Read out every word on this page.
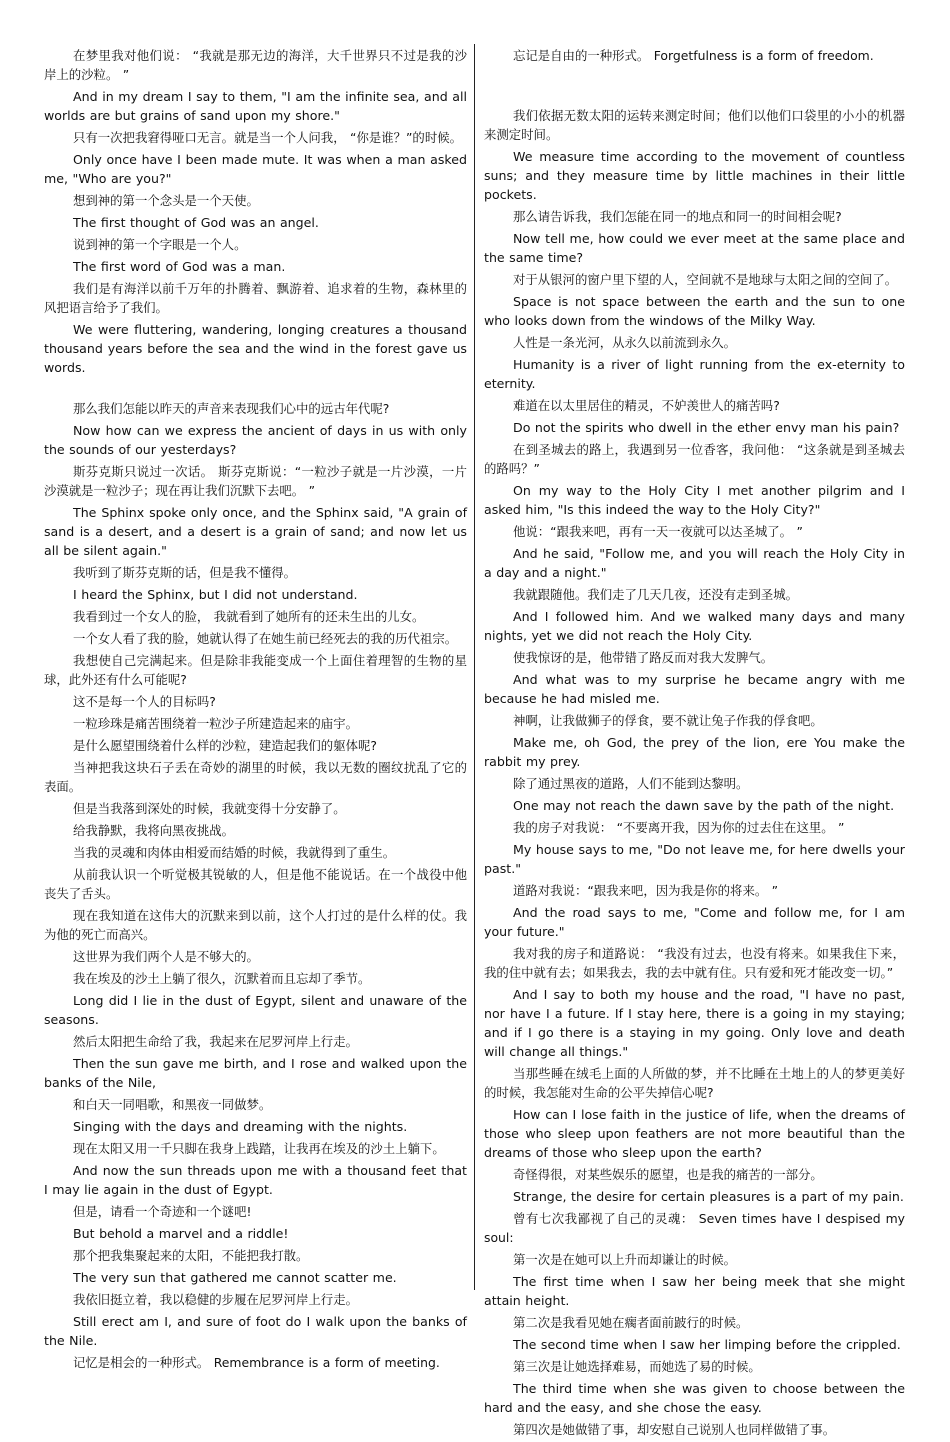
在梦里我对他们说： “我就是那无边的海洋，大千世界只不过是我的沙岸上的沙粒。 ”

And in my dream I say to them, "I am the infinite sea, and all worlds are but grains of sand upon my shore."

只有一次把我窘得哑口无言。就是当一个人问我， “你是谁？”的时候。

Only once have I been made mute. It was when a man asked me, "Who are you?"

想到神的第一个念头是一个天使。

The first thought of God was an angel.

说到神的第一个字眼是一个人。

The first word of God was a man.

我们是有海洋以前千万年的扑腾着、飘游着、追求着的生物，森林里的风把语言给予了我们。

We were fluttering, wandering, longing creatures a thousand thousand years before the sea and the wind in the forest gave us words.

那么我们怎能以昨天的声音来表现我们心中的远古年代呢?

Now how can we express the ancient of days in us with only the sounds of our yesterdays?

斯芬克斯只说过一次话。 斯芬克斯说：“一粒沙子就是一片沙漠，一片沙漠就是一粒沙子；现在再让我们沉默下去吧。 ”

The Sphinx spoke only once, and the Sphinx said, "A grain of sand is a desert, and a desert is a grain of sand; and now let us all be silent again."

我听到了斯芬克斯的话，但是我不懂得。

I heard the Sphinx, but I did not understand.

我看到过一个女人的脸， 我就看到了她所有的还未生出的儿女。

一个女人看了我的脸，她就认得了在她生前已经死去的我的历代祖宗。

我想使自己完满起来。但是除非我能变成一个上面住着理智的生物的星球，此外还有什么可能呢?

这不是每一个人的目标吗?

一粒珍珠是痛苦围绕着一粒沙子所建造起来的庙宇。

是什么愿望围绕着什么样的沙粒，建造起我们的躯体呢?

当神把我这块石子丢在奇妙的湖里的时候，我以无数的圈纹扰乱了它的表面。

但是当我落到深处的时候，我就变得十分安静了。

给我静默，我将向黑夜挑战。

当我的灵魂和肉体由相爱而结婚的时候，我就得到了重生。

从前我认识一个听觉极其锐敏的人，但是他不能说话。在一个战役中他丧失了舌头。

现在我知道在这伟大的沉默来到以前，这个人打过的是什么样的仗。我为他的死亡而高兴。

这世界为我们两个人是不够大的。

我在埃及的沙土上躺了很久，沉默着而且忘却了季节。

Long did I lie in the dust of Egypt, silent and unaware of the seasons.

然后太阳把生命给了我，我起来在尼罗河岸上行走。

Then the sun gave me birth, and I rose and walked upon the banks of the Nile,

和白天一同唱歌，和黑夜一同做梦。

Singing with the days and dreaming with the nights.

现在太阳又用一千只脚在我身上践踏，让我再在埃及的沙土上躺下。

And now the sun threads upon me with a thousand feet that I may lie again in the dust of Egypt.

但是，请看一个奇迹和一个谜吧!

But behold a marvel and a riddle!

那个把我集聚起来的太阳，不能把我打散。

The very sun that gathered me cannot scatter me.

我依旧挺立着，我以稳健的步履在尼罗河岸上行走。

Still erect am I, and sure of foot do I walk upon the banks of the Nile.

记忆是相会的一种形式。 Remembrance is a form of meeting.

忘记是自由的一种形式。 Forgetfulness is a form of freedom.

我们依据无数太阳的运转来测定时间；他们以他们口袋里的小小的机器来测定时间。

We measure time according to the movement of countless suns; and they measure time by little machines in their little pockets.

那么请告诉我，我们怎能在同一的地点和同一的时间相会呢?

Now tell me, how could we ever meet at the same place and the same time?

对于从银河的窗户里下望的人，空间就不是地球与太阳之间的空间了。

Space is not space between the earth and the sun to one who looks down from the windows of the Milky Way.

人性是一条光河，从永久以前流到永久。

Humanity is a river of light running from the ex-eternity to eternity.

难道在以太里居住的精灵，不妒羡世人的痛苦吗?

Do not the spirits who dwell in the ether envy man his pain?

在到圣城去的路上，我遇到另一位香客，我问他： “这条就是到圣城去的路吗？”

On my way to the Holy City I met another pilgrim and I asked him, "Is this indeed the way to the Holy City?"

他说：“跟我来吧，再有一天一夜就可以达圣城了。 ”

And he said, "Follow me, and you will reach the Holy City in a day and a night."

我就跟随他。我们走了几天几夜，还没有走到圣城。

And I followed him. And we walked many days and many nights, yet we did not reach the Holy City.

使我惊讶的是，他带错了路反而对我大发脾气。

And what was to my surprise he became angry with me because he had misled me.

神啊，让我做狮子的俘食，要不就让兔子作我的俘食吧。

Make me, oh God, the prey of the lion, ere You make the rabbit my prey.

除了通过黑夜的道路，人们不能到达黎明。

One may not reach the dawn save by the path of the night.

我的房子对我说： “不要离开我，因为你的过去住在这里。 ”

My house says to me, "Do not leave me, for here dwells your past."

道路对我说：“跟我来吧，因为我是你的将来。 ”

And the road says to me, "Come and follow me, for I am your future."

我对我的房子和道路说： “我没有过去，也没有将来。如果我住下来，我的住中就有去；如果我去，我的去中就有住。只有爱和死才能改变一切。”

And I say to both my house and the road, "I have no past, nor have I a future. If I stay here, there is a going in my staying; and if I go there is a staying in my going. Only love and death will change all things."

当那些睡在绒毛上面的人所做的梦，并不比睡在土地上的人的梦更美好的时候，我怎能对生命的公平失掉信心呢?

How can I lose faith in the justice of life, when the dreams of those who sleep upon feathers are not more beautiful than the dreams of those who sleep upon the earth?

奇怪得很，对某些娱乐的愿望，也是我的痛苦的一部分。

Strange, the desire for certain pleasures is a part of my pain.

曾有七次我鄙视了自己的灵魂： Seven times have I despised my soul:

第一次是在她可以上升而却谦让的时候。

The first time when I saw her being meek that she might attain height.

第二次是我看见她在瘸者面前跛行的时候。

The second time when I saw her limping before the crippled.

第三次是让她选择难易，而她选了易的时候。

The third time when she was given to choose between the hard and the easy, and she chose the easy.

第四次是她做错了事，却安慰自己说别人也同样做错了事。
